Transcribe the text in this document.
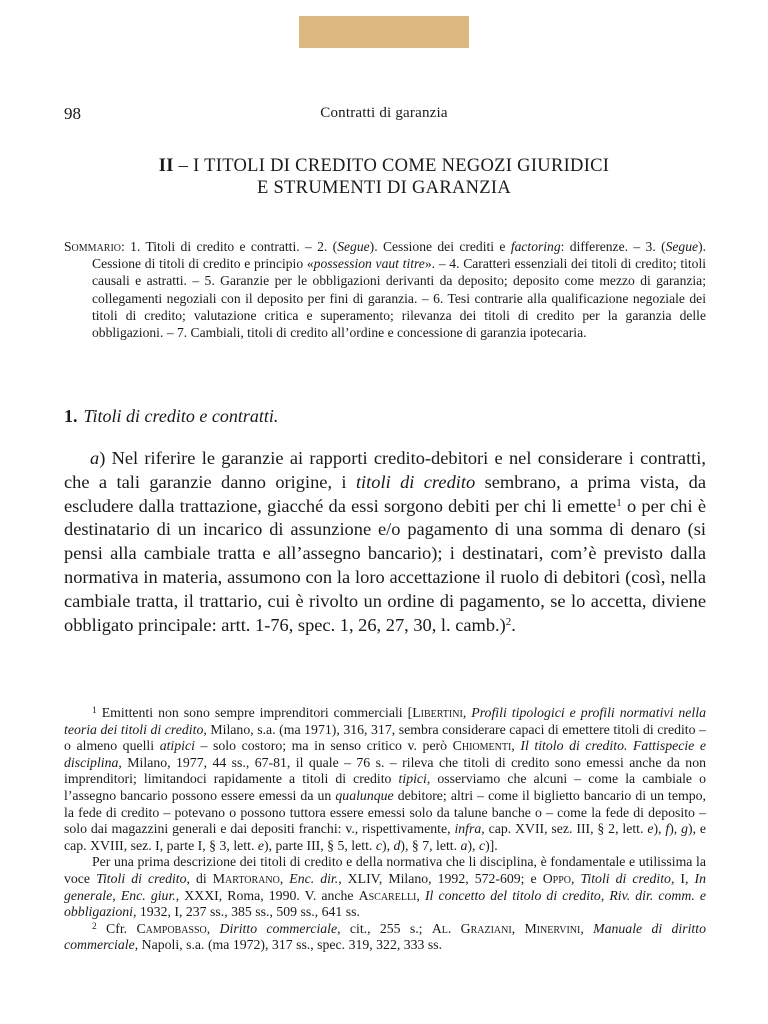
98	Contratti di garanzia
II – I TITOLI DI CREDITO COME NEGOZI GIURIDICI
E STRUMENTI DI GARANZIA
Sommario: 1. Titoli di credito e contratti. – 2. (Segue). Cessione dei crediti e factoring: differenze. – 3. (Segue). Cessione di titoli di credito e principio «possession vaut titre». – 4. Caratteri essenziali dei titoli di credito; titoli causali e astratti. – 5. Garanzie per le obbligazioni derivanti da deposito; deposito come mezzo di garanzia; collegamenti negoziali con il deposito per fini di garanzia. – 6. Tesi contrarie alla qualificazione negoziale dei titoli di credito; valutazione critica e superamento; rilevanza dei titoli di credito per la garanzia delle obbligazioni. – 7. Cambiali, titoli di credito all’ordine e concessione di garanzia ipotecaria.
1. Titoli di credito e contratti.

a) Nel riferire le garanzie ai rapporti credito-debitori e nel considerare i contratti, che a tali garanzie danno origine, i titoli di credito sembrano, a prima vista, da escludere dalla trattazione, giacché da essi sorgono debiti per chi li emette$^1$ o per chi è destinatario di un incarico di assunzione e/o pagamento di una somma di denaro (si pensi alla cambiale tratta e all’assegno bancario); i destinatari, com’è previsto dalla normativa in materia, assumono con la loro accettazione il ruolo di debitori (così, nella cambiale tratta, il trattario, cui è rivolto un ordine di pagamento, se lo accetta, diviene obbligato principale: artt. 1-76, spec. 1, 26, 27, 30, l. camb.)$^2$.

$^1$ Emittenti non sono sempre imprenditori commerciali [Libertini, Profili tipologici e profili normativi nella teoria dei titoli di credito, Milano, s.a. (ma 1971), 316, 317, sembra considerare capaci di emettere titoli di credito – o almeno quelli atipici – solo costoro; ma in senso critico v. però Chiomenti, Il titolo di credito. Fattispecie e disciplina, Milano, 1977, 44 ss., 67-81, il quale – 76 s. – rileva che titoli di credito sono emessi anche da non imprenditori; limitandoci rapidamente a titoli di credito tipici, osserviamo che alcuni – come la cambiale o l’assegno bancario possono essere emessi da un qualunque debitore; altri – come il biglietto bancario di un tempo, la fede di credito – potevano o possono tuttora essere emessi solo da talune banche o – come la fede di deposito – solo dai magazzini generali e dai depositi franchi: v., rispettivamente, infra, cap. XVII, sez. III, § 2, lett. e), f), g), e cap. XVIII, sez. I, parte I, § 3, lett. e), parte III, § 5, lett. c), d), § 7, lett. a), c)].

Per una prima descrizione dei titoli di credito e della normativa che li disciplina, è fondamentale e utilissima la voce Titoli di credito, di Martorano, Enc. dir., XLIV, Milano, 1992, 572-609; e Oppo, Titoli di credito, I, In generale, Enc. giur., XXXI, Roma, 1990. V. anche Ascarelli, Il concetto del titolo di credito, Riv. dir. comm. e obbligazioni, 1932, I, 237 ss., 385 ss., 509 ss., 641 ss.

$^2$ Cfr. Campobasso, Diritto commerciale, cit., 255 s.; Al. Graziani, Minervini, Manuale di diritto commerciale, Napoli, s.a. (ma 1972), 317 ss., spec. 319, 322, 333 ss.
